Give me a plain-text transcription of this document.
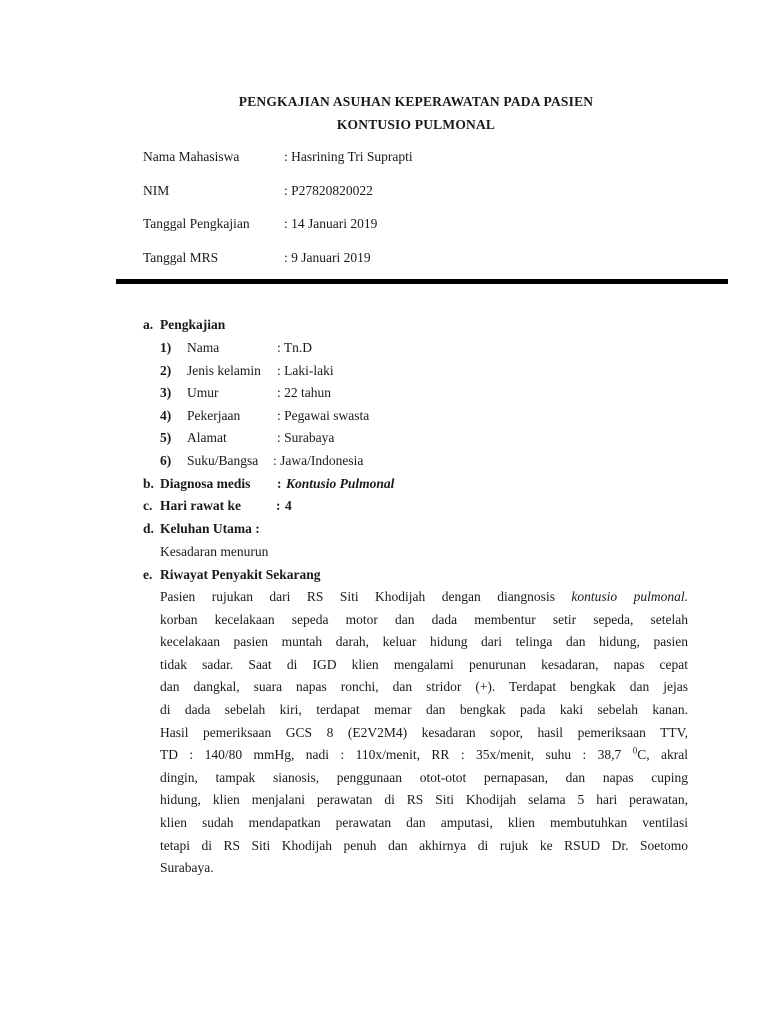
PENGKAJIAN ASUHAN KEPERAWATAN PADA PASIEN
KONTUSIO PULMONAL
Nama Mahasiswa	: Hasrining Tri Suprapti
NIM	: P27820820022
Tanggal Pengkajian	: 14 Januari 2019
Tanggal MRS	: 9 Januari 2019
a. Pengkajian
1) Nama	: Tn.D
2) Jenis kelamin : Laki-laki
3) Umur	: 22 tahun
4) Pekerjaan	: Pegawai swasta
5) Alamat	: Surabaya
6) Suku/Bangsa : Jawa/Indonesia
b. Diagnosa medis : Kontusio Pulmonal
c. Hari rawat ke	: 4
d. Keluhan Utama :
Kesadaran menurun
e. Riwayat Penyakit Sekarang
Pasien rujukan dari RS Siti Khodijah dengan diangnosis kontusio pulmonal.
korban kecelakaan sepeda motor dan dada membentur setir sepeda, setelah
kecelakaan pasien muntah darah, keluar hidung dari telinga dan hidung, pasien
tidak sadar. Saat di IGD klien mengalami penurunan kesadaran, napas cepat
dan dangkal, suara napas ronchi, dan stridor (+). Terdapat bengkak dan jejas
di dada sebelah kiri, terdapat memar dan bengkak pada kaki sebelah kanan.
Hasil pemeriksaan GCS 8 (E2V2M4) kesadaran sopor, hasil pemeriksaan TTV,
TD : 140/80 mmHg, nadi : 110x/menit, RR : 35x/menit, suhu : 38,7 $^0$C, akral
dingin, tampak sianosis, penggunaan otot-otot pernapasan, dan napas cuping
hidung, klien menjalani perawatan di RS Siti Khodijah selama 5 hari perawatan,
klien sudah mendapatkan perawatan dan amputasi, klien membutuhkan ventilasi
tetapi di RS Siti Khodijah penuh dan akhirnya di rujuk ke RSUD Dr. Soetomo
Surabaya.
